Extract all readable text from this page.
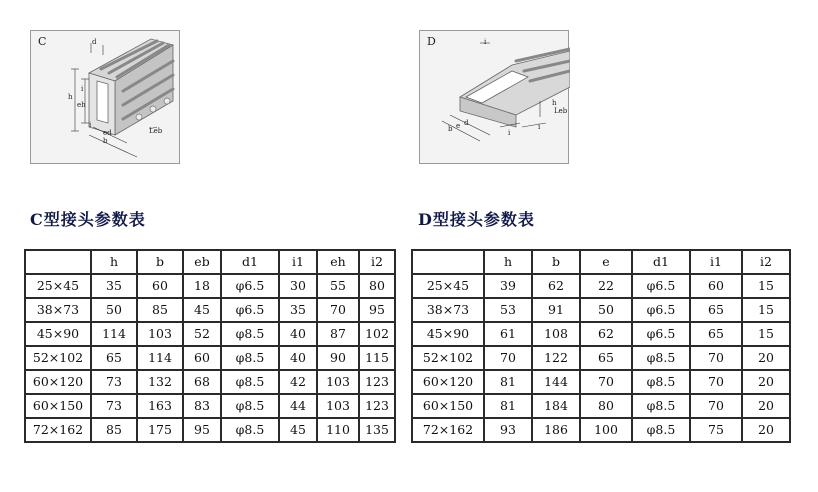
C	d
eh
h
i
i
ed
b
Leb
D	i
h
Leb
b e d
i
i
C型接头参数表	D型接头参数表
	h	b	eb	d1	i1	eh	i2
25×45	35	60	18	φ6.5	30	55	80
38×73	50	85	45	φ6.5	35	70	95
45×90	114	103	52	φ8.5	40	87	102
52×102	65	114	60	φ8.5	40	90	115
60×120	73	132	68	φ8.5	42	103	123
60×150	73	163	83	φ8.5	44	103	123
72×162	85	175	95	φ8.5	45	110	135
	h	b	e	d1	i1	i2
25×45	39	62	22	φ6.5	60	15
38×73	53	91	50	φ6.5	65	15
45×90	61	108	62	φ6.5	65	15
52×102	70	122	65	φ8.5	70	20
60×120	81	144	70	φ8.5	70	20
60×150	81	184	80	φ8.5	70	20
72×162	93	186	100	φ8.5	75	20
